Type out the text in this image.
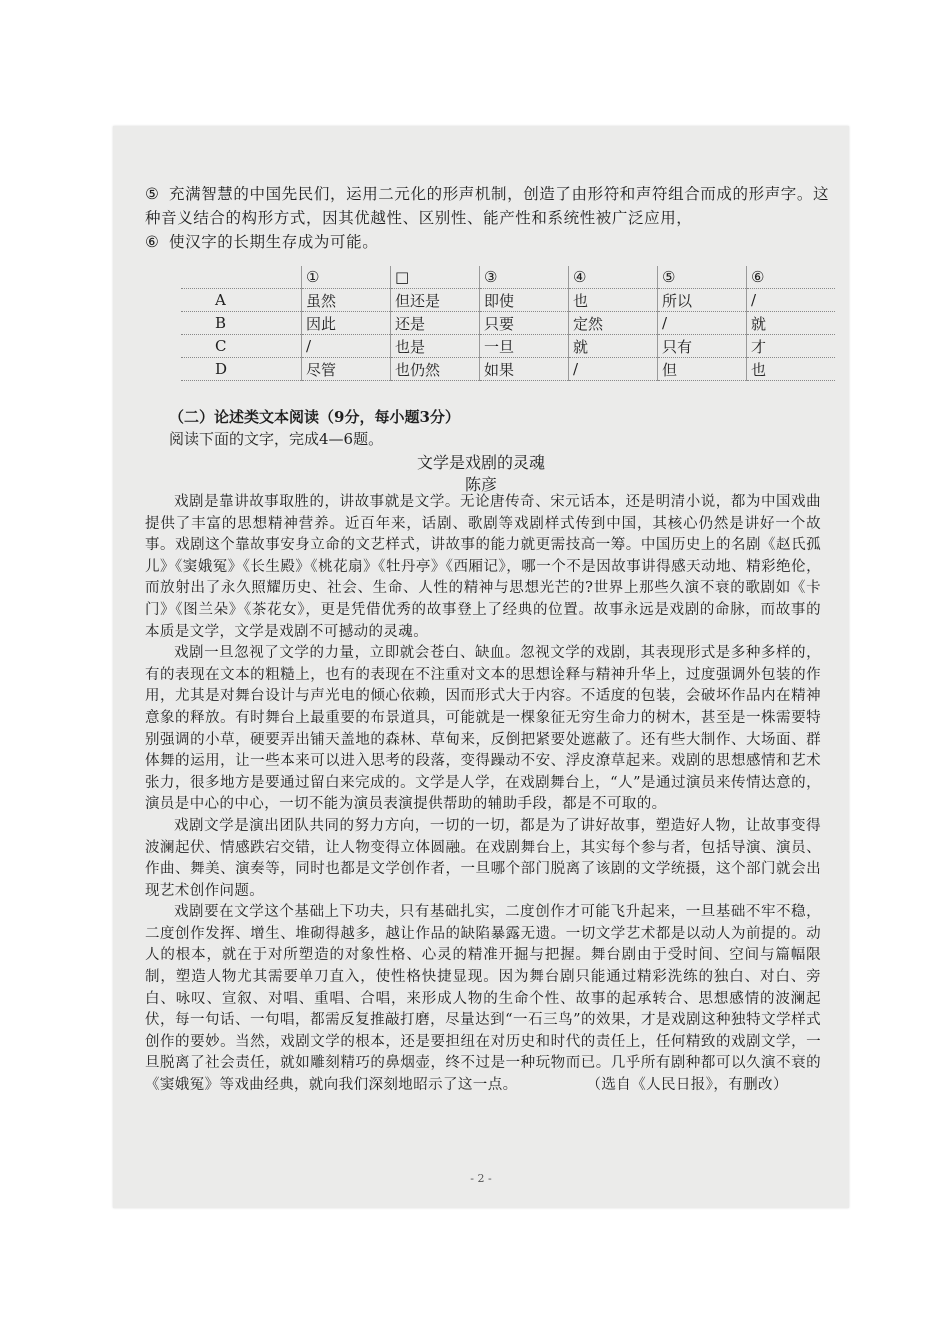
⑤ 充满智慧的中国先民们，运用二元化的形声机制，创造了由形符和声符组合而成的形声字。这种音义结合的构形方式，因其优越性、区别性、能产性和系统性被广泛应用，

⑥ 使汉字的长期生存成为可能。

	①	□	③	④	⑤	⑥
A	虽然	但还是	即使	也	所以	/
B	因此	还是	只要	定然	/	就
C	/	也是	一旦	就	只有	才
D	尽管	也仍然	如果	/	但	也

（二）论述类文本阅读（9分，每小题3分）

阅读下面的文字，完成4—6题。

文学是戏剧的灵魂
陈彦

戏剧是靠讲故事取胜的，讲故事就是文学。无论唐传奇、宋元话本，还是明清小说，都为中国戏曲提供了丰富的思想精神营养。近百年来，话剧、歌剧等戏剧样式传到中国，其核心仍然是讲好一个故事。戏剧这个靠故事安身立命的文艺样式，讲故事的能力就更需技高一筹。中国历史上的名剧《赵氏孤儿》《窦娥冤》《长生殿》《桃花扇》《牡丹亭》《西厢记》，哪一个不是因故事讲得感天动地、精彩绝伦，而放射出了永久照耀历史、社会、生命、人性的精神与思想光芒的?世界上那些久演不衰的歌剧如《卡门》《图兰朵》《茶花女》，更是凭借优秀的故事登上了经典的位置。故事永远是戏剧的命脉，而故事的本质是文学，文学是戏剧不可撼动的灵魂。

戏剧一旦忽视了文学的力量，立即就会苍白、缺血。忽视文学的戏剧，其表现形式是多种多样的，有的表现在文本的粗糙上，也有的表现在不注重对文本的思想诠释与精神升华上，过度强调外包装的作用，尤其是对舞台设计与声光电的倾心依赖，因而形式大于内容。不适度的包装，会破坏作品内在精神意象的释放。有时舞台上最重要的布景道具，可能就是一棵象征无穷生命力的树木，甚至是一株需要特别强调的小草，硬要弄出铺天盖地的森林、草甸来，反倒把紧要处遮蔽了。还有些大制作、大场面、群体舞的运用，让一些本来可以进入思考的段落，变得躁动不安、浮皮潦草起来。戏剧的思想感情和艺术张力，很多地方是要通过留白来完成的。文学是人学，在戏剧舞台上，“人”是通过演员来传情达意的，演员是中心的中心，一切不能为演员表演提供帮助的辅助手段，都是不可取的。

戏剧文学是演出团队共同的努力方向，一切的一切，都是为了讲好故事，塑造好人物，让故事变得波澜起伏、情感跌宕交错，让人物变得立体圆融。在戏剧舞台上，其实每个参与者，包括导演、演员、作曲、舞美、演奏等，同时也都是文学创作者，一旦哪个部门脱离了该剧的文学统摄，这个部门就会出现艺术创作问题。

戏剧要在文学这个基础上下功夫，只有基础扎实，二度创作才可能飞升起来，一旦基础不牢不稳，二度创作发挥、增生、堆砌得越多，越让作品的缺陷暴露无遗。一切文学艺术都是以动人为前提的。动人的根本，就在于对所塑造的对象性格、心灵的精准开掘与把握。舞台剧由于受时间、空间与篇幅限制，塑造人物尤其需要单刀直入，使性格快捷显现。因为舞台剧只能通过精彩洗练的独白、对白、旁白、咏叹、宣叙、对唱、重唱、合唱，来形成人物的生命个性、故事的起承转合、思想感情的波澜起伏，每一句话、一句唱，都需反复推敲打磨，尽量达到“一石三鸟”的效果，才是戏剧这种独特文学样式创作的要妙。当然，戏剧文学的根本，还是要担纽在对历史和时代的责任上，任何精致的戏剧文学，一旦脱离了社会责任，就如雕刻精巧的鼻烟壶，终不过是一种玩物而已。几乎所有剧种都可以久演不衰的《窦娥冤》等戏曲经典，就向我们深刻地昭示了这一点。	（选自《人民日报》，有删改）

- 2 -
